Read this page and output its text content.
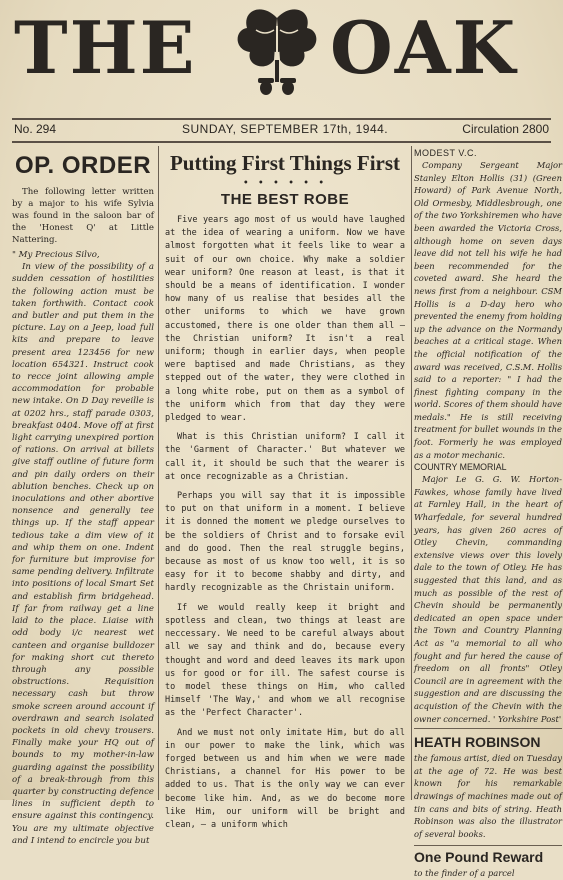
THE OAK
No. 294	SUNDAY, SEPTEMBER 17th, 1944.	Circulation 2800
OP. ORDER

The following letter written by a major to his wife Sylvia was found in the saloon bar of the 'Honest Q' at Little Nattering.

" My Precious Silvo,

In view of the possibility of a sudden cessation of hostilities the following action must be taken forthwith. Contact cook and butler and put them in the picture. Lay on a Jeep, load full kits and prepare to leave present area 123456 for new location 654321. Instruct cook to recce joint allowing ample accommodation for probable new intake. On D Day reveille is at 0202 hrs., staff parade 0303, breakfast 0404. Move off at first light carrying unexpired portion of rations. On arrival at billets give staff outline of future form and pin daily orders on their ablution benches. Check up on inoculations and other abortive nonsence and generally tee things up. If the staff appear tedious take a dim view of it and whip them on one. Indent for furniture but improvise for same pending delivery. Infiltrate into positions of local Smart Set and establish firm bridgehead. If far from railway get a line laid to the place. Liaise with odd body i/c nearest wet canteen and organise bulldozer for making short cut thereto through any possible obstructions. Requisition necessary cash but throw smoke screen around account if overdrawn and search isolated pockets in old chevy trousers. Finally make your HQ out of bounds to my mother-in-law guarding against the possibility of a break-through from this quarter by constructing defence lines in sufficient depth to ensure against this contingency. You are my ultimate objective and I intend to encircle you but

Putting First Things First
• • • • • •
THE BEST ROBE

Five years ago most of us would have laughed at the idea of wearing a uniform. Now we have almost forgotten what it feels like to wear a suit of our own choice. Why make a soldier wear uniform? One reason at least, is that it should be a means of identification. I wonder how many of us realise that besides all the other uniforms to which we have grown accustomed, there is one older than them all – the Christian uniform? It isn't a real uniform; though in earlier days, when people were baptised and made Christians, as they stepped out of the water, they were clothed in a long white robe, put on them as a symbol of the uniform which from that day they were pledged to wear.

What is this Christian uniform? I call it the 'Garment of Character.' But whatever we call it, it should be such that the wearer is at once recognizable as a Christian.

Perhaps you will say that it is impossible to put on that uniform in a moment. I believe it is donned the moment we pledge ourselves to be the soldiers of Christ and to forsake evil and do good. Then the real struggle begins, because as most of us know too well, it is so easy for it to become shabby and dirty, and hardly recognizable as the Christain uniform.

If we would really keep it bright and spotless and clean, two things at least are neccessary. We need to be careful always about all we say and think and do, because every thought and word and deed leaves its mark upon us for good or for ill. The safest course is to model these things on Him, who called Himself 'The Way,' and whom we all recognise as the 'Perfect Character'.

And we must not only imitate Him, but do all in our power to make the link, which was forged between us and him when we were made Christians, a channel for His power to be added to us. That is the only way we can ever become like him. And, as we do become more like Him, our uniform will be bright and clean, – a uniform which

MODEST V.C.

Company Sergeant Major Stanley Elton Hollis (31) (Green Howard) of Park Avenue North, Old Ormesby, Middlesbrough, one of the two Yorkshiremen who have been awarded the Victoria Cross, although home on seven days leave did not tell his wife he had been recommended for the coveted award. She heard the news first from a neighbour. CSM Hollis is a D-day hero who prevented the enemy from holding up the advance on the Normandy beaches at a critical stage. When the official notification of the award was received, C.S.M. Hollis said to a reporter: " I had the finest fighting company in the world. Scores of them should have medals." He is still receiving treatment for bullet wounds in the foot. Formerly he was employed as a motor mechanic.

COUNTRY MEMORIAL

Major Le G. G. W. Horton-Fawkes, whose family have lived at Farnley Hall, in the heart of Wharfedale, for several hundred years, has given 260 acres of Otley Chevin, commanding extensive views over this lovely dale to the town of Otley. He has suggested that this land, and as much as possible of the rest of Chevin should be permanently dedicated an open space under the Town and Country Planning Act as "a memorial to all who fought and fur hered the cause of freedom on all fronts" Otley Council are in agreement with the suggestion and are discussing the acquistion of the Chevin with the owner concerned. ' Yorkshire Post'

HEATH ROBINSON

the famous artist, died on Tuesday at the age of 72. He was best known for his remarkable drawings of machines made out of tin cans and bits of string. Heath Robinson was also the illustrator of several books.

One Pound Reward

to the finder of a parcel
